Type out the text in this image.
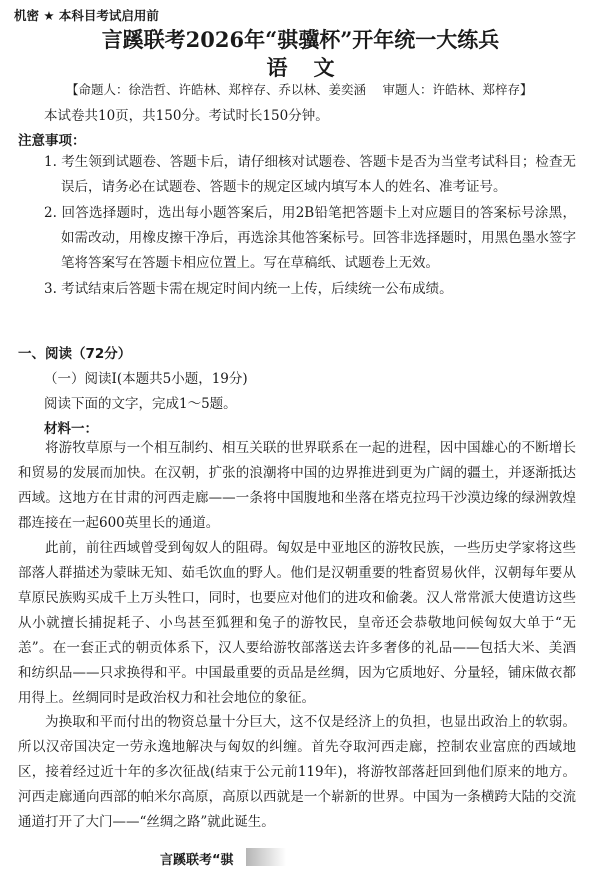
机密 ★ 本科目考试启用前
言蹊联考2026年“骐骥杯”开年统一大练兵
语文
【命题人：徐浩哲、许皓林、郑梓存、乔以林、姜奕涵　 审题人：许皓林、郑梓存】
本试卷共10页，共150分。考试时长150分钟。
注意事项：
1. 考生领到试题卷、答题卡后，请仔细核对试题卷、答题卡是否为当堂考试科目；检查无误后，请务必在试题卷、答题卡的规定区域内填写本人的姓名、准考证号。
2. 回答选择题时，选出每小题答案后，用2B铅笔把答题卡上对应题目的答案标号涂黑，如需改动，用橡皮擦干净后，再选涂其他答案标号。回答非选择题时，用黑色墨水签字笔将答案写在答题卡相应位置上。写在草稿纸、试题卷上无效。
3. 考试结束后答题卡需在规定时间内统一上传，后续统一公布成绩。
一、阅读（72分）
（一）阅读Ⅰ(本题共5小题，19分)
阅读下面的文字，完成1～5题。
材料一：
将游牧草原与一个相互制约、相互关联的世界联系在一起的进程，因中国雄心的不断增长和贸易的发展而加快。在汉朝，扩张的浪潮将中国的边界推进到更为广阔的疆土，并逐渐抵达西域。这地方在甘肃的河西走廊——一条将中国腹地和坐落在塔克拉玛干沙漠边缘的绿洲敦煌郡连接在一起600英里长的通道。
此前，前往西域曾受到匈奴人的阻碍。匈奴是中亚地区的游牧民族，一些历史学家将这些部落人群描述为蒙昧无知、茹毛饮血的野人。他们是汉朝重要的牲畜贸易伙伴，汉朝每年要从草原民族购买成千上万头牲口，同时，也要应对他们的进攻和偷袭。汉人常常派大使遣访这些从小就擅长捕捉耗子、小鸟甚至狐狸和兔子的游牧民，皇帝还会恭敬地问候匈奴大单于“无恙”。在一套正式的朝贡体系下，汉人要给游牧部落送去许多奢侈的礼品——包括大米、美酒和纺织品——只求换得和平。中国最重要的贡品是丝绸，因为它质地好、分量轻，铺床做衣都用得上。丝绸同时是政治权力和社会地位的象征。
为换取和平而付出的物资总量十分巨大，这不仅是经济上的负担，也显出政治上的软弱。所以汉帝国决定一劳永逸地解决与匈奴的纠缠。首先夺取河西走廊，控制农业富庶的西域地区，接着经过近十年的多次征战(结束于公元前119年)，将游牧部落赶回到他们原来的地方。河西走廊通向西部的帕米尔高原，高原以西就是一个崭新的世界。中国为一条横跨大陆的交流通道打开了大门——“丝绸之路”就此诞生。
言蹊联考“骐
